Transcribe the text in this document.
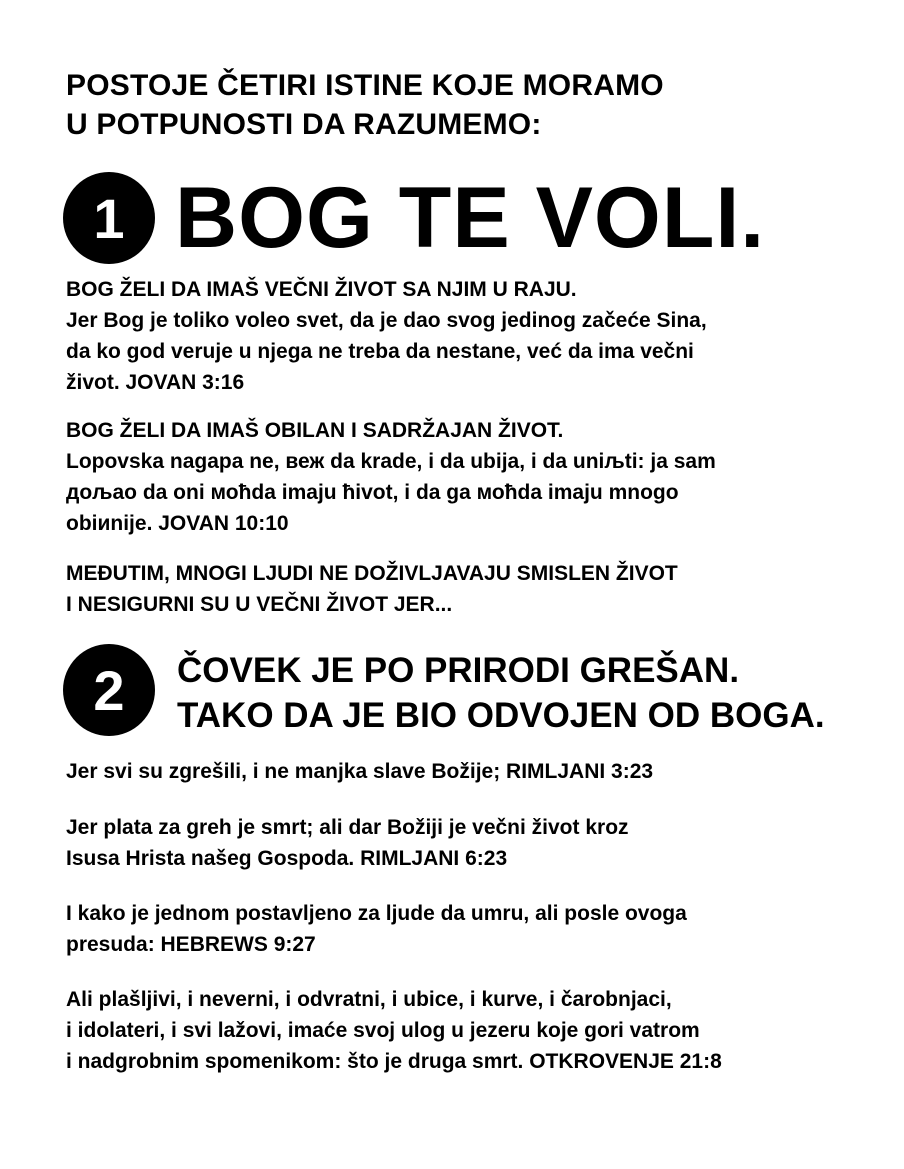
POSTOJE ČETIRI ISTINE KOJE MORAMO
U POTPUNOSTI DA RAZUMEMO:
1 BOG TE VOLI.

BOG ŽELI DA IMAŠ VEČNI ŽIVOT SA NJIM U RAJU.
Jer Bog je toliko voleo svet, da je dao svog jedinog začeće Sina,
da ko god veruje u njega ne treba da nestane, već da ima večni
život. JOVAN 3:16

BOG ŽELI DA IMAŠ OBILAN I SADRŽAJAN ŽIVOT.
Lopovska nagapa ne, веж da krade, i da ubija, i da uniљti: ja sam
дољao da oni моћda imaju ћivot, i da ga моћda imaju mnogo
obiиnije. JOVAN 10:10

MEĐUTIM, MNOGI LJUDI NE DOŽIVLJAVAJU SMISLEN ŽIVOT
I NESIGURNI SU U VEČNI ŽIVOT JER...

2	ČOVEK JE PO PRIRODI GREŠAN.
TAKO DA JE BIO ODVOJEN OD BOGA.

Jer svi su zgrešili, i ne manjka slave Božije; RIMLJANI 3:23

Jer plata za greh je smrt; ali dar Božiji je večni život kroz
Isusa Hrista našeg Gospoda. RIMLJANI 6:23

I kako je jednom postavljeno za ljude da umru, ali posle ovoga
presuda: HEBREWS 9:27

Ali plašljivi, i neverni, i odvratni, i ubice, i kurve, i čarobnjaci,
i idolateri, i svi lažovi, imaće svoj ulog u jezeru koje gori vatrom
i nadgrobnim spomenikom: što je druga smrt. OTKROVENJE 21:8
